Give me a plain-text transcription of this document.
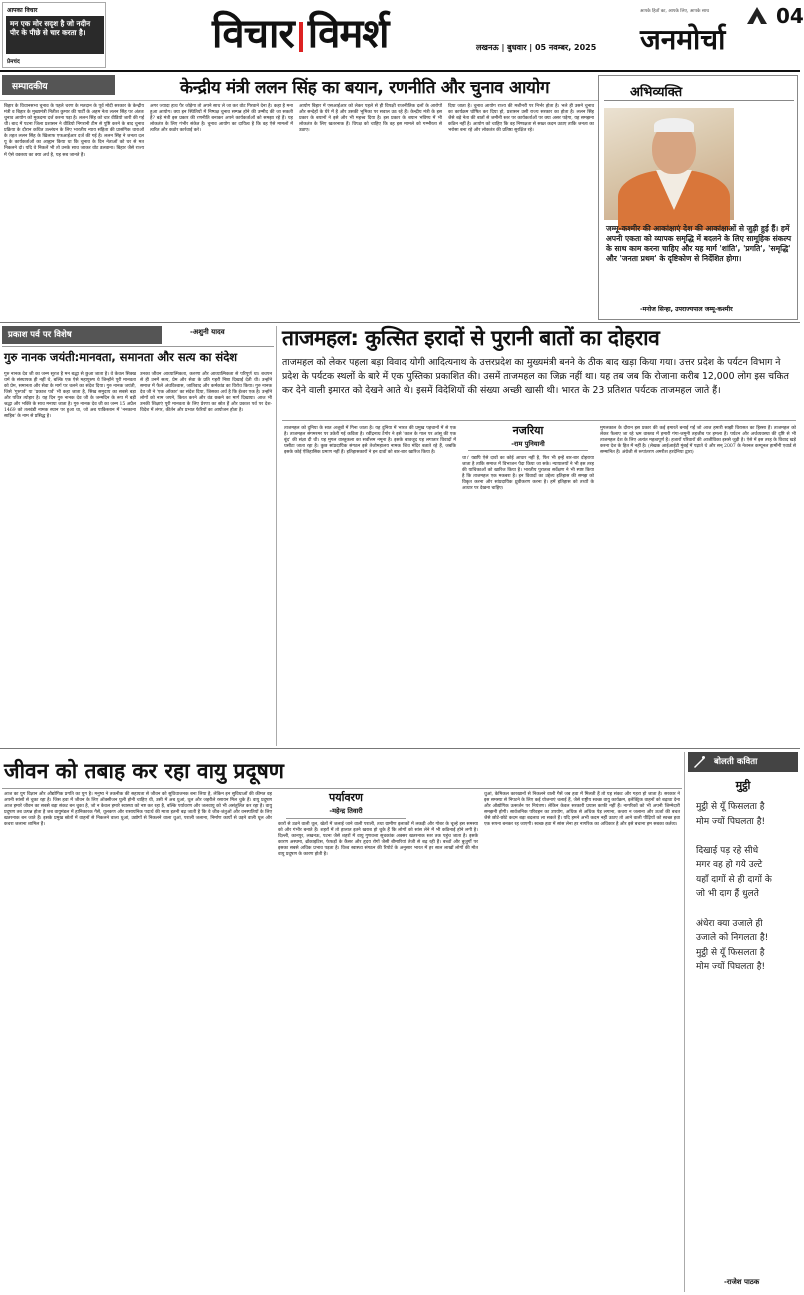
आपका विचार
मन एक मोर सदृश है जो नदीन पीर के पीछे से चार करता है।
प्रेमचंद
विचार विमर्श	लखनऊ | बुधवार | 05 नवम्बर, 2025
आपके हितों का, आपके लिए, आपके साथ
जनमोर्चा
04
सम्पादकीय	केन्द्रीय मंत्री ललन सिंह का बयान, रणनीति और चुनाव आयोग
बिहार के विधानसभा चुनाव के पहले चरण के मतदान के पूर्व मोदी सरकार के केन्द्रीय मंत्री व बिहार के मुख्यमंत्री नितीश कुमार की पार्टी के अहम नेता ललन सिंह पर अंततः चुनाव आयोग को मुकदमा दर्ज करना पड़ा है। ललन सिंह को चार वीडियो जारी की गई थी। बाद में पटना जिला प्रशासन ने वीडियो निगरानी टीम से पुष्टि करने के बाद चुनाव प्रक्रिया के दौरान कथित उल्लंघन के लिए भारतीय न्याय संहिता की प्रासंगिक धाराओं के तहत ललन सिंह के खिलाफ एफआईआर दर्ज की गई है। ललन सिंह ने जनता दल यू के कार्यकर्ताओं का आह्वान किया था कि चुनाव के दिन नेताओं को घर से मत निकलने दो। यदि वे निकलें भी तो उनके साथ जाकर वोट डलवाना। बिहार जैसे राज्य में ऐसे वक्तव्य का क्या अर्थ है, यह सब जानते हैं।
अगर ज्यादा हाथ पैर जोड़ेगा तो अपने साथ ले जा कर वोट गिरवाने देना है। कहा है मना हुआ आयोग। क्या इन स्थितियों में निष्पक्ष चुनाव सम्पन्न होने की उम्मीद की जा सकती है? बड़े मंत्री इस प्रकार की रणनीति बनाकर अपने कार्यकर्ताओं को समझा रहे हैं। यह लोकतंत्र के लिए गंभीर संकेत है। चुनाव आयोग का दायित्व है कि वह ऐसे मामलों में त्वरित और कठोर कार्रवाई करे।
आयोग बिहार में एसआईआर को लेकर पहले से ही विपक्षी राजनीतिक दलों के आरोपों और सन्देहों के घेरे में है और उसकी भूमिका पर सवाल उठ रहे हैं। केन्द्रीय मंत्री के इस प्रकार के बयानों ने इसे और भी महत्त्व दिया है। इस प्रकार के बयान भविष्य में भी लोकतंत्र के लिए खतरनाक हैं। विपक्ष को चाहिए कि वह इस मामले को गम्भीरता से उठाए।
दिया जाता है। चुनाव आयोग राज्य की मशीनरी पर निर्भर होता है। भले ही उसने चुनाव का कार्यक्रम घोषित कर दिया हो, प्रशासन उसी राज्य सरकार का होता है। ललन सिंह जैसे बड़े नेता की बातों से जमीनी स्तर पर कार्यकर्ताओं पर क्या असर पड़ेगा, यह समझना कठिन नहीं है। आयोग को चाहिए कि वह निष्पक्षता से सख्त कदम उठाए ताकि जनता का भरोसा बना रहे और लोकतंत्र की प्रतिष्ठा सुरक्षित रहे।
अभिव्यक्ति
जम्मू-कश्मीर की आकांक्षाएं देश की आकांक्षाओं से जुड़ी हुई हैं। हमें अपनी एकता को व्यापक समृद्धि में बदलने के लिए सामूहिक संकल्प के साथ काम करना चाहिए और यह मार्ग 'शांति', 'प्रगति', 'समृद्धि' और 'जनता प्रथम' के दृष्टिकोण से निर्देशित होगा।
-मनोज सिन्हा, उपराज्यपाल जम्मू-कश्मीर
प्रकाश पर्व पर विशेष	-अशुनी यादव
गुरु नानक जयंती:मानवता, समानता और सत्य का संदेश
गुरु नानक देव जी का जन्म सूरज है मन बद्धा से छुआ जाता है। वे केवल सिक्ख धर्म के संस्थापक ही नहीं थे, बल्कि एक ऐसे महापुरुष थे जिन्होंने पूरी मानवता को प्रेम, समानता और सेवा के मार्ग पर चलने का संदेश दिया। गुरु नानक जयंती, जिसे 'गुरुपर्व' या 'प्रकाश पर्व' भी कहा जाता है, सिख समुदाय का सबसे बड़ा और पवित्र त्योहार है। यह दिन गुरु नानक देव जी के जन्मदिन के रूप में बड़ी श्रद्धा और भक्ति के साथ मनाया जाता है। गुरु नानक देव जी का जन्म 15 अप्रैल 1469 को तलवंडी नामक स्थान पर हुआ था, जो अब पाकिस्तान में 'ननकाना साहिब' के नाम से प्रसिद्ध है।
उनका जीवन आध्यात्मिकता, करुणा और आध्यात्मिकता से परिपूर्ण था। बचपन से ही उनमें सत्य, प्रेम और सेवा के प्रति गहरी निष्ठा दिखाई देती थी। उन्होंने समाज में फैले अंधविश्वास, जातिवाद और कर्मकांड का विरोध किया। गुरु नानक देव जी ने 'एक ओंकार' का संदेश दिया, जिसका अर्थ है कि ईश्वर एक है। उन्होंने लोगों को नाम जपने, किरत करने और वंड छकने का मार्ग दिखाया। आज भी उनकी शिक्षाएं पूरी मानवता के लिए प्रेरणा का स्रोत हैं और प्रकाश पर्व पर देश-विदेश में लंगर, कीर्तन और प्रभात फेरियों का आयोजन होता है।
ताजमहल: कुत्सित इरादों से पुरानी बातों का दोहराव
ताजमहल को लेकर पहला बड़ा विवाद योगी आदित्यनाथ के उत्तरप्रदेश का मुख्यमंत्री बनने के ठीक बाद खड़ा किया गया। उत्तर प्रदेश के पर्यटन विभाग ने प्रदेश के पर्यटक स्थलों के बारे में एक पुस्तिका प्रकाशित की। उसमें ताजमहल का जिक्र नहीं था। यह तब जब कि रोजाना करीब 12,000 लोग इस चकित कर देने वाली इमारत को देखने आते थे। इसमें विदेशियों की संख्या अच्छी खासी थी। भारत के 23 प्रतिशत पर्यटक ताजमहल जाते हैं।
ताजमहल को दुनिया के सात अजूबों में गिना जाता है। यह दुनिया में भारत की प्रमुख पहचानों में से एक है। ताजमहल संगमरमर पर उकेरी गई कविता है। रवींद्रनाथ टैगोर ने इसे 'काल के गाल पर आंसू की एक बूंद' की संज्ञा दी थी। यह मुगल वास्तुकला का सर्वोत्तम नमूना है। इसके बावजूद यह लगातार विवादों में घसीटा जाता रहा है। कुछ सांप्रदायिक संगठन इसे तेजोमहालय नामक शिव मंदिर बताते रहे हैं, जबकि इसके कोई ऐतिहासिक प्रमाण नहीं हैं। इतिहासकारों ने इन दावों को बार-बार खारिज किया है।
नजरिया
-राम पुनियानी
था।' यद्यपि ऐसे दावों का कोई आधार नहीं है, फिर भी इन्हें बार-बार दोहराया जाता है ताकि समाज में विभाजन पैदा किया जा सके। न्यायालयों ने भी इस तरह की याचिकाओं को खारिज किया है। भारतीय पुरातत्व सर्वेक्षण ने भी स्पष्ट किया है कि ताजमहल एक मकबरा है। इन विवादों का उद्देश्य इतिहास की समझ को विकृत करना और सांप्रदायिक ध्रुवीकरण करना है। हमें इतिहास को तथ्यों के आधार पर देखना चाहिए।
मुगलकाल के दौरान इस प्रकार की कई इमारतें बनाई गईं जो आज हमारी साझी विरासत का हिस्सा हैं। ताजमहल को लेकर फैलाए जा रहे भ्रम वास्तव में हमारी गंगा-जमुनी तहजीब पर हमला हैं। पर्यटन और अर्थव्यवस्था की दृष्टि से भी ताजमहल देश के लिए अत्यंत महत्वपूर्ण है। हजारों परिवारों की आजीविका इससे जुड़ी है। ऐसे में इस तरह के विवाद खड़े करना देश के हित में नहीं है। (लेखक आईआईटी मुंबई में पढ़ाते थे और सन् 2007 के नेशनल कम्यूनल हार्मोनी एवार्ड से सम्मानित हैं। अंग्रेजी से रूपांतरण अमरीश हरदेनिया द्वारा)
जीवन को तबाह कर रहा वायु प्रदूषण
आज का युग विज्ञान और औद्योगिक प्रगति का युग है। मनुष्य ने तकनीक की सहायता से जीवन को सुविधाजनक बना लिया है, लेकिन इन सुविधाओं की कीमत वह अपनी सांसों से चुका रहा है। जिस हवा में जीवन के लिए ऑक्सीजन घुली होनी चाहिए थी, उसी में अब धुआं, धूल और जहरीले रसायन मिल चुके हैं। वायु प्रदूषण आज हमारे जीवन का सबसे बड़ा संकट बन चुका है, जो न केवल हमारे स्वास्थ्य को नष्ट कर रहा है, बल्कि पर्यावरण और जलवायु को भी असंतुलित कर रहा है। वायु प्रदूषण तब उत्पन्न होता है जब वायुमंडल में हानिकारक गैसें, धूलकण और रासायनिक पदार्थ की मात्रा इतनी बढ़ जाती है कि वे जीव-जंतुओं और वनस्पतियों के लिए खतरनाक बन जाते हैं। इसके प्रमुख स्रोतों में वाहनों से निकलने वाला धुआं, उद्योगों से निकलने वाला धुआं, पराली जलाना, निर्माण कार्यों से उड़ने वाली धूल और कचरा जलाना शामिल हैं।
पर्यावरण
-महेन्द्र तिवारी
कारों से उठने वाली धूल, खेतों में जलाई जाने वाली पराली, तथा ग्रामीण इलाकों में लकड़ी और गोबर के चूल्हे इस समस्या को और गंभीर बनाते हैं। शहरों में तो हालात इतने खराब हो चुके हैं कि लोगों को सांस लेने में भी कठिनाई होने लगी है। दिल्ली, कानपुर, लखनऊ, पटना जैसे शहरों में वायु गुणवत्ता सूचकांक अक्सर खतरनाक स्तर तक पहुंच जाता है। इसके कारण अस्थमा, ब्रोंकाइटिस, फेफड़ों के कैंसर और हृदय रोगों जैसी बीमारियां तेजी से बढ़ रही हैं। बच्चों और बुजुर्गों पर इसका सबसे अधिक प्रभाव पड़ता है। विश्व स्वास्थ्य संगठन की रिपोर्ट के अनुसार भारत में हर साल लाखों लोगों की मौत वायु प्रदूषण के कारण होती है।
धुआं, केमिकल कारखानों से निकलने वाली गैसें जब हवा में मिलती हैं तो यह संकट और गहरा हो जाता है। सरकार ने इस समस्या से निपटने के लिए कई योजनाएं चलाई हैं, जैसे राष्ट्रीय स्वच्छ वायु कार्यक्रम, इलेक्ट्रिक वाहनों को बढ़ावा देना और औद्योगिक उत्सर्जन पर नियंत्रण। लेकिन केवल सरकारी प्रयास काफी नहीं हैं। नागरिकों को भी अपनी जिम्मेदारी समझनी होगी। सार्वजनिक परिवहन का उपयोग, अधिक से अधिक पेड़ लगाना, कचरा न जलाना और ऊर्जा की बचत जैसे छोटे-छोटे कदम बड़ा बदलाव ला सकते हैं। यदि हमने अभी कदम नहीं उठाए तो आने वाली पीढ़ियों को स्वच्छ हवा एक सपना बनकर रह जाएगी। स्वच्छ हवा में सांस लेना हर नागरिक का अधिकार है और इसे बचाना हम सबका कर्तव्य।
बोलती कविता
मुट्ठी
मुट्ठी से यूँ फिसलता है
मोम ज्यों पिघलता है!

दिखाई पड़ रहे सीधे
मगर वह हो गये उल्टे
यहाँ दागों से ही दागों के
जो भी दाग हैं धुलते

अंधेरा क्या उजाले ही
उजाले को निगलता है!
मुट्ठी से यूँ फिसलता है
मोम ज्यों पिघलता है!
-राजेश पाठक
